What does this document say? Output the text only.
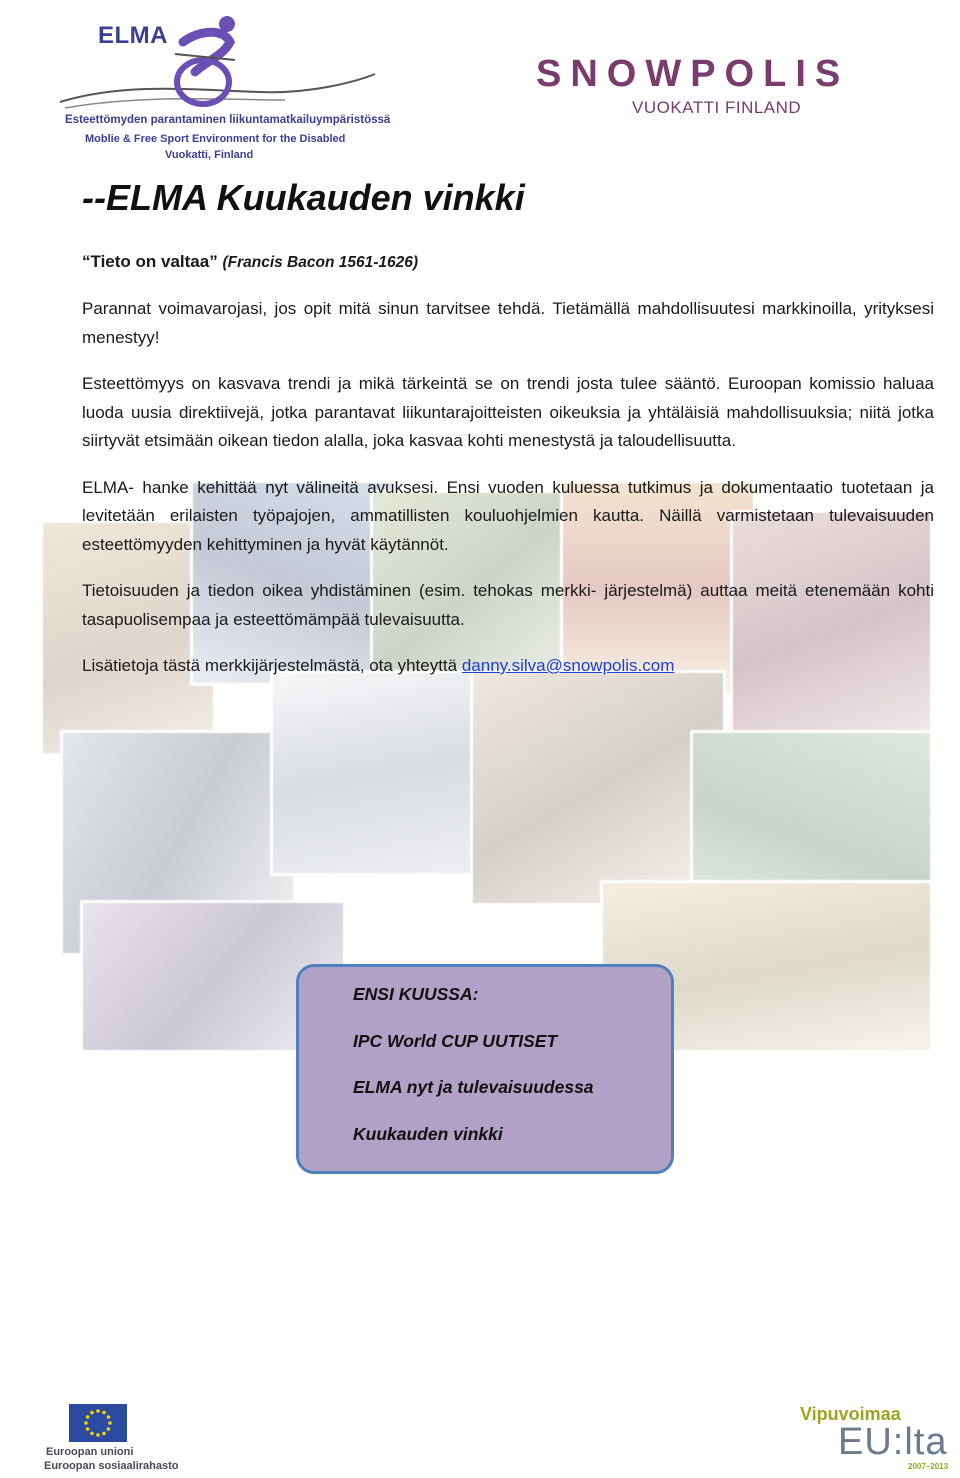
ELMA
Esteettömyden parantaminen liikuntamatkailuympäristössä
Moblie & Free Sport Environment for the Disabled
Vuokatti, Finland
SNOWPOLIS
VUOKATTI FINLAND
--ELMA Kuukauden vinkki
“Tieto on valtaa” (Francis Bacon 1561-1626)

Parannat voimavarojasi, jos opit mitä sinun tarvitsee tehdä. Tietämällä mahdollisuutesi markkinoilla, yrityksesi menestyy!

Esteettömyys on kasvava trendi ja mikä tärkeintä se on trendi josta tulee sääntö. Euroopan komissio haluaa luoda uusia direktiivejä, jotka parantavat liikuntarajoitteisten oikeuksia ja yhtäläisiä mahdollisuuksia; niitä jotka siirtyvät etsimään oikean tiedon alalla, joka kasvaa kohti menestystä ja taloudellisuutta.

ELMA- hanke kehittää nyt välineitä avuksesi. Ensi vuoden kuluessa tutkimus ja dokumentaatio tuotetaan ja levitetään erilaisten työpajojen, ammatillisten kouluohjelmien kautta. Näillä varmistetaan tulevaisuuden esteettömyyden kehittyminen ja hyvät käytännöt.

Tietoisuuden ja tiedon oikea yhdistäminen (esim. tehokas merkki- järjestelmä) auttaa meitä etenemään kohti tasapuolisempaa ja esteettömämpää tulevaisuutta.

Lisätietoja tästä merkkijärjestelmästä, ota yhteyttä danny.silva@snowpolis.com

ENSI KUUSSA:
IPC World CUP UUTISET
ELMA nyt ja tulevaisuudessa
Kuukauden vinkki
Euroopan unioni
Euroopan sosiaalirahasto
Vipuvoimaa
EU:lta
2007–2013
